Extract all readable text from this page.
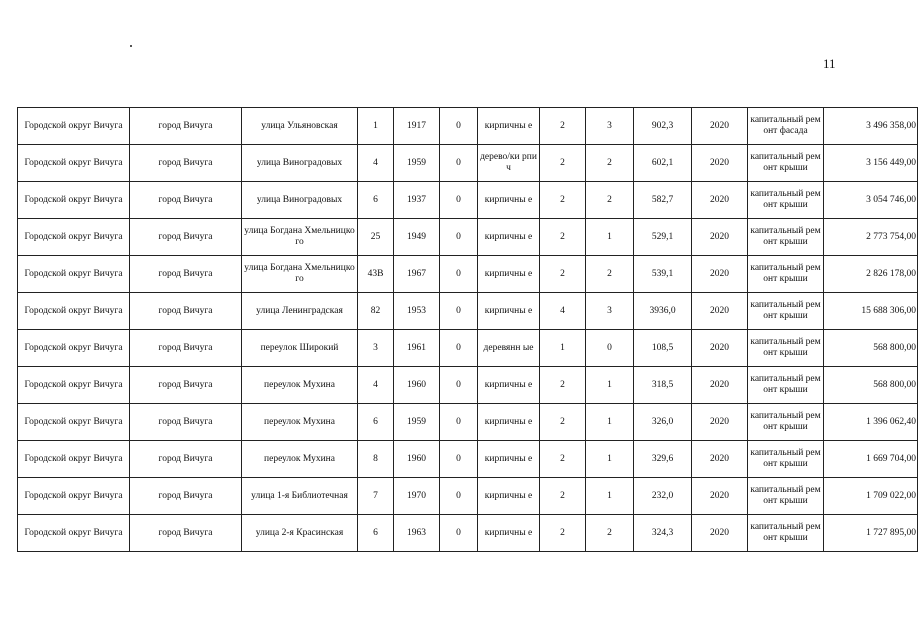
11
Городской округ Вичуга	город Вичуга	улица Ульяновская	1	1917	0	кирпичны е	2	3	902,3	2020	капитальный ремонт фасада	3 496 358,00
Городской округ Вичуга	город Вичуга	улица Виноградовых	4	1959	0	дерево/ки рпич	2	2	602,1	2020	капитальный ремонт крыши	3 156 449,00
Городской округ Вичуга	город Вичуга	улица Виноградовых	6	1937	0	кирпичны е	2	2	582,7	2020	капитальный ремонт крыши	3 054 746,00
Городской округ Вичуга	город Вичуга	улица Богдана Хмельницкого	25	1949	0	кирпичны е	2	1	529,1	2020	капитальный ремонт крыши	2 773 754,00
Городской округ Вичуга	город Вичуга	улица Богдана Хмельницкого	43В	1967	0	кирпичны е	2	2	539,1	2020	капитальный ремонт крыши	2 826 178,00
Городской округ Вичуга	город Вичуга	улица Ленинградская	82	1953	0	кирпичны е	4	3	3936,0	2020	капитальный ремонт крыши	15 688 306,00
Городской округ Вичуга	город Вичуга	переулок Широкий	3	1961	0	деревянн ые	1	0	108,5	2020	капитальный ремонт крыши	568 800,00
Городской округ Вичуга	город Вичуга	переулок Мухина	4	1960	0	кирпичны е	2	1	318,5	2020	капитальный ремонт крыши	568 800,00
Городской округ Вичуга	город Вичуга	переулок Мухина	6	1959	0	кирпичны е	2	1	326,0	2020	капитальный ремонт крыши	1 396 062,40
Городской округ Вичуга	город Вичуга	переулок Мухина	8	1960	0	кирпичны е	2	1	329,6	2020	капитальный ремонт крыши	1 669 704,00
Городской округ Вичуга	город Вичуга	улица 1-я Библиотечная	7	1970	0	кирпичны е	2	1	232,0	2020	капитальный ремонт крыши	1 709 022,00
Городской округ Вичуга	город Вичуга	улица 2-я Красинская	6	1963	0	кирпичны е	2	2	324,3	2020	капитальный ремонт крыши	1 727 895,00
